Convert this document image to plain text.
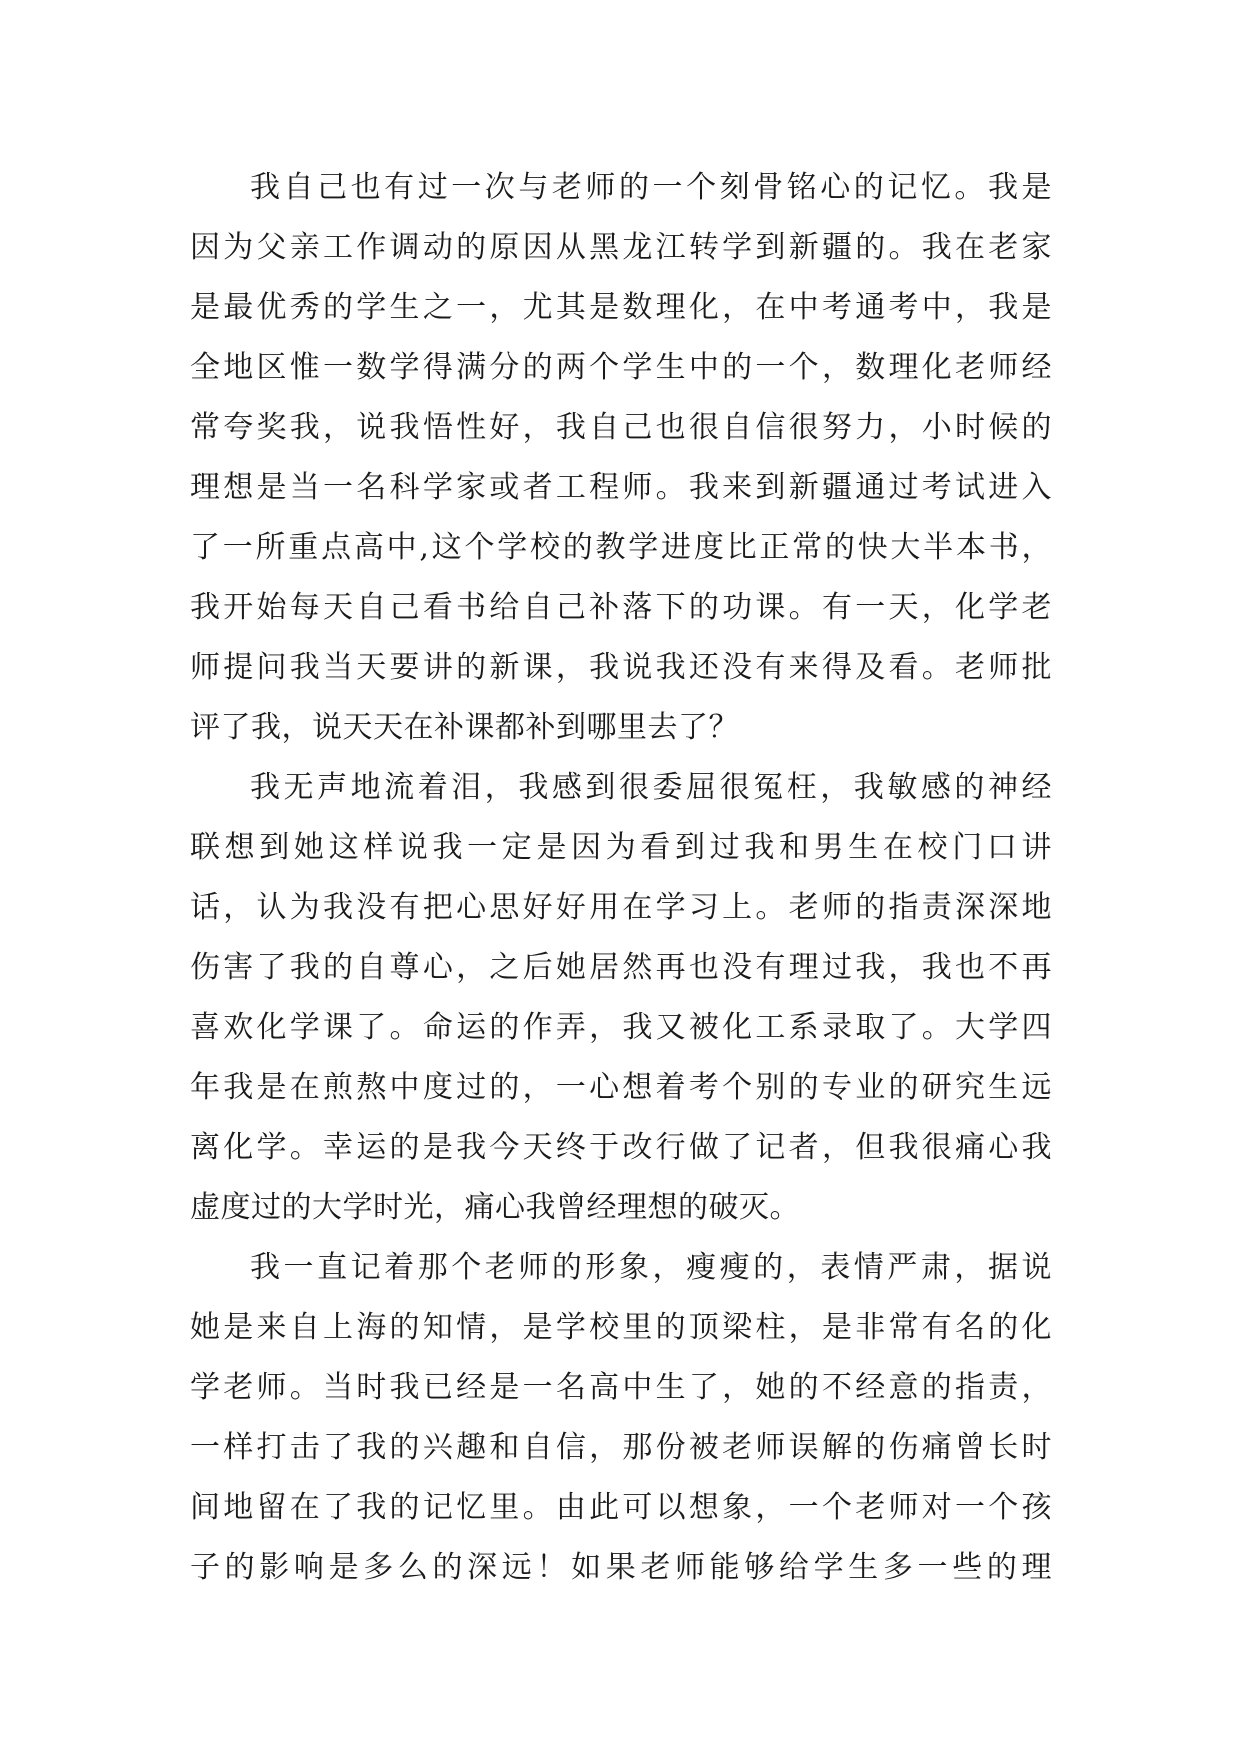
我自己也有过一次与老师的一个刻骨铭心的记忆。我是
因为父亲工作调动的原因从黑龙江转学到新疆的。我在老家
是最优秀的学生之一，尤其是数理化，在中考通考中，我是
全地区惟一数学得满分的两个学生中的一个，数理化老师经
常夸奖我，说我悟性好，我自己也很自信很努力，小时候的
理想是当一名科学家或者工程师。我来到新疆通过考试进入
了一所重点高中,这个学校的教学进度比正常的快大半本书，
我开始每天自己看书给自己补落下的功课。有一天，化学老
师提问我当天要讲的新课，我说我还没有来得及看。老师批
评了我，说天天在补课都补到哪里去了？
我无声地流着泪，我感到很委屈很冤枉，我敏感的神经
联想到她这样说我一定是因为看到过我和男生在校门口讲
话，认为我没有把心思好好用在学习上。老师的指责深深地
伤害了我的自尊心，之后她居然再也没有理过我，我也不再
喜欢化学课了。命运的作弄，我又被化工系录取了。大学四
年我是在煎熬中度过的，一心想着考个别的专业的研究生远
离化学。幸运的是我今天终于改行做了记者，但我很痛心我
虚度过的大学时光，痛心我曾经理想的破灭。
我一直记着那个老师的形象，瘦瘦的，表情严肃，据说
她是来自上海的知情，是学校里的顶梁柱，是非常有名的化
学老师。当时我已经是一名高中生了，她的不经意的指责，
一样打击了我的兴趣和自信，那份被老师误解的伤痛曾长时
间地留在了我的记忆里。由此可以想象，一个老师对一个孩
子的影响是多么的深远！如果老师能够给学生多一些的理
